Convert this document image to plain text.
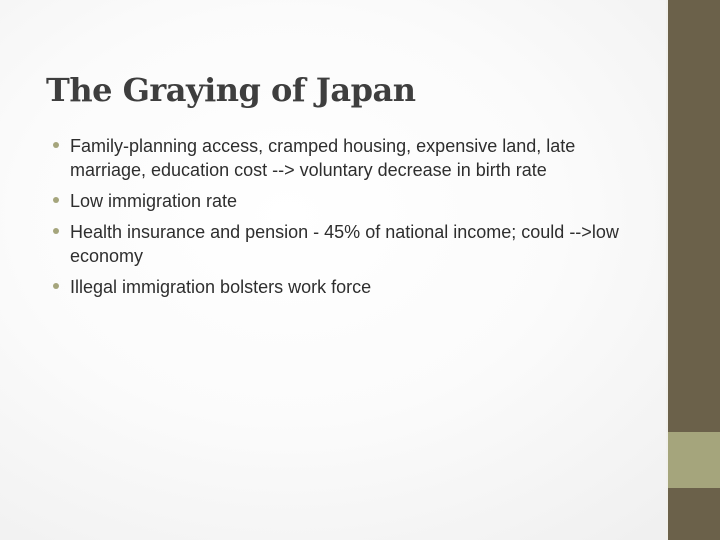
The Graying of Japan
Family-planning access, cramped housing, expensive land, late marriage, education cost --> voluntary decrease in birth rate
Low immigration rate
Health insurance and pension - 45% of national income; could -->low economy
Illegal immigration bolsters work force
